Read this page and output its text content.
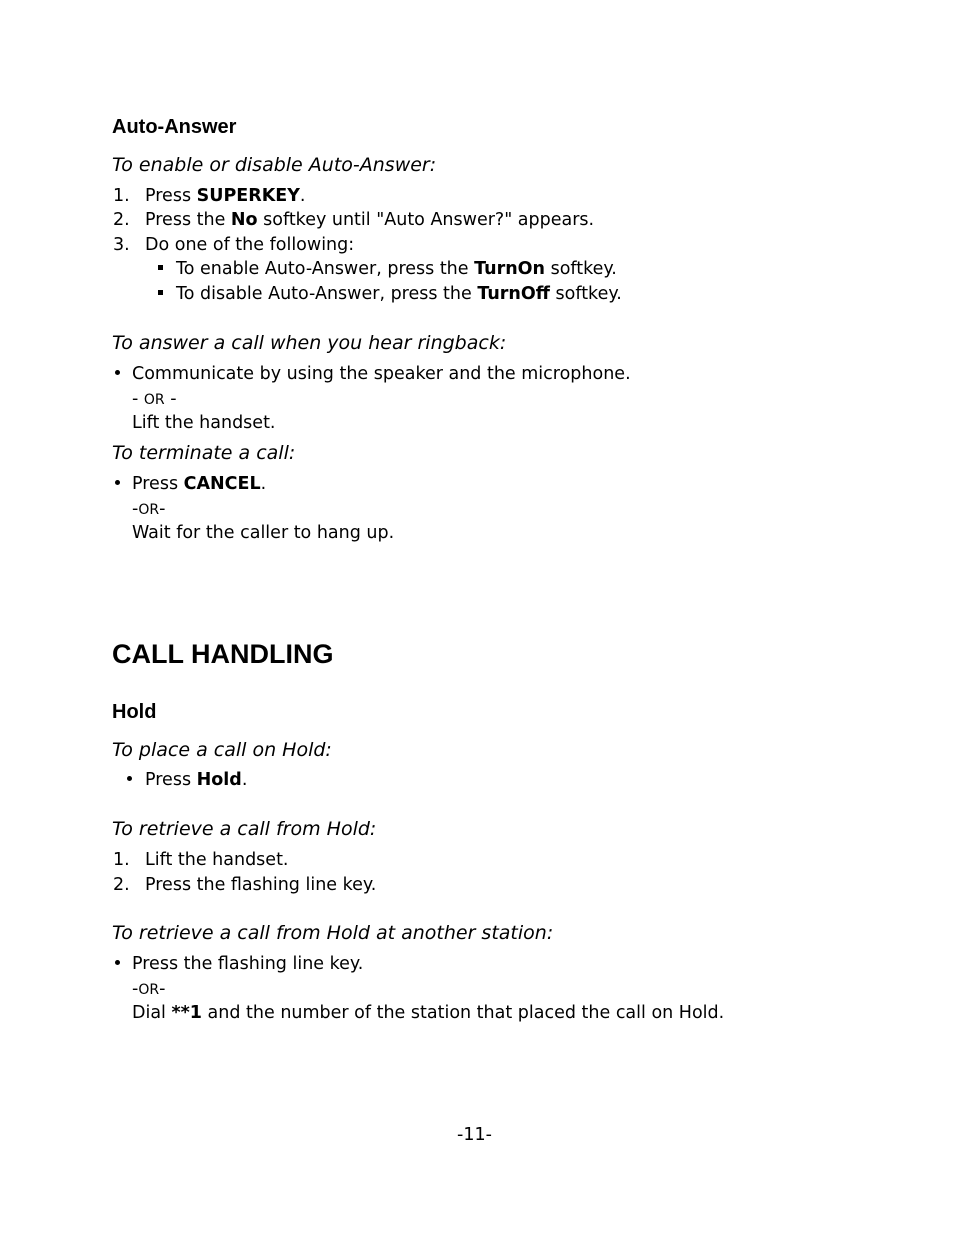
Auto-Answer
To enable or disable Auto-Answer:
1. Press SUPERKEY.
2. Press the No softkey until "Auto Answer?" appears.
3. Do one of the following:
To enable Auto-Answer, press the TurnOn softkey.
To disable Auto-Answer, press the TurnOff softkey.
To answer a call when you hear ringback:
Communicate by using the speaker and the microphone.
- OR -
Lift the handset.
To terminate a call:
Press CANCEL.
-OR-
Wait for the caller to hang up.
CALL HANDLING
Hold
To place a call on Hold:
Press Hold.
To retrieve a call from Hold:
1. Lift the handset.
2. Press the flashing line key.
To retrieve a call from Hold at another station:
Press the flashing line key.
-OR-
Dial **1 and the number of the station that placed the call on Hold.
-11-
